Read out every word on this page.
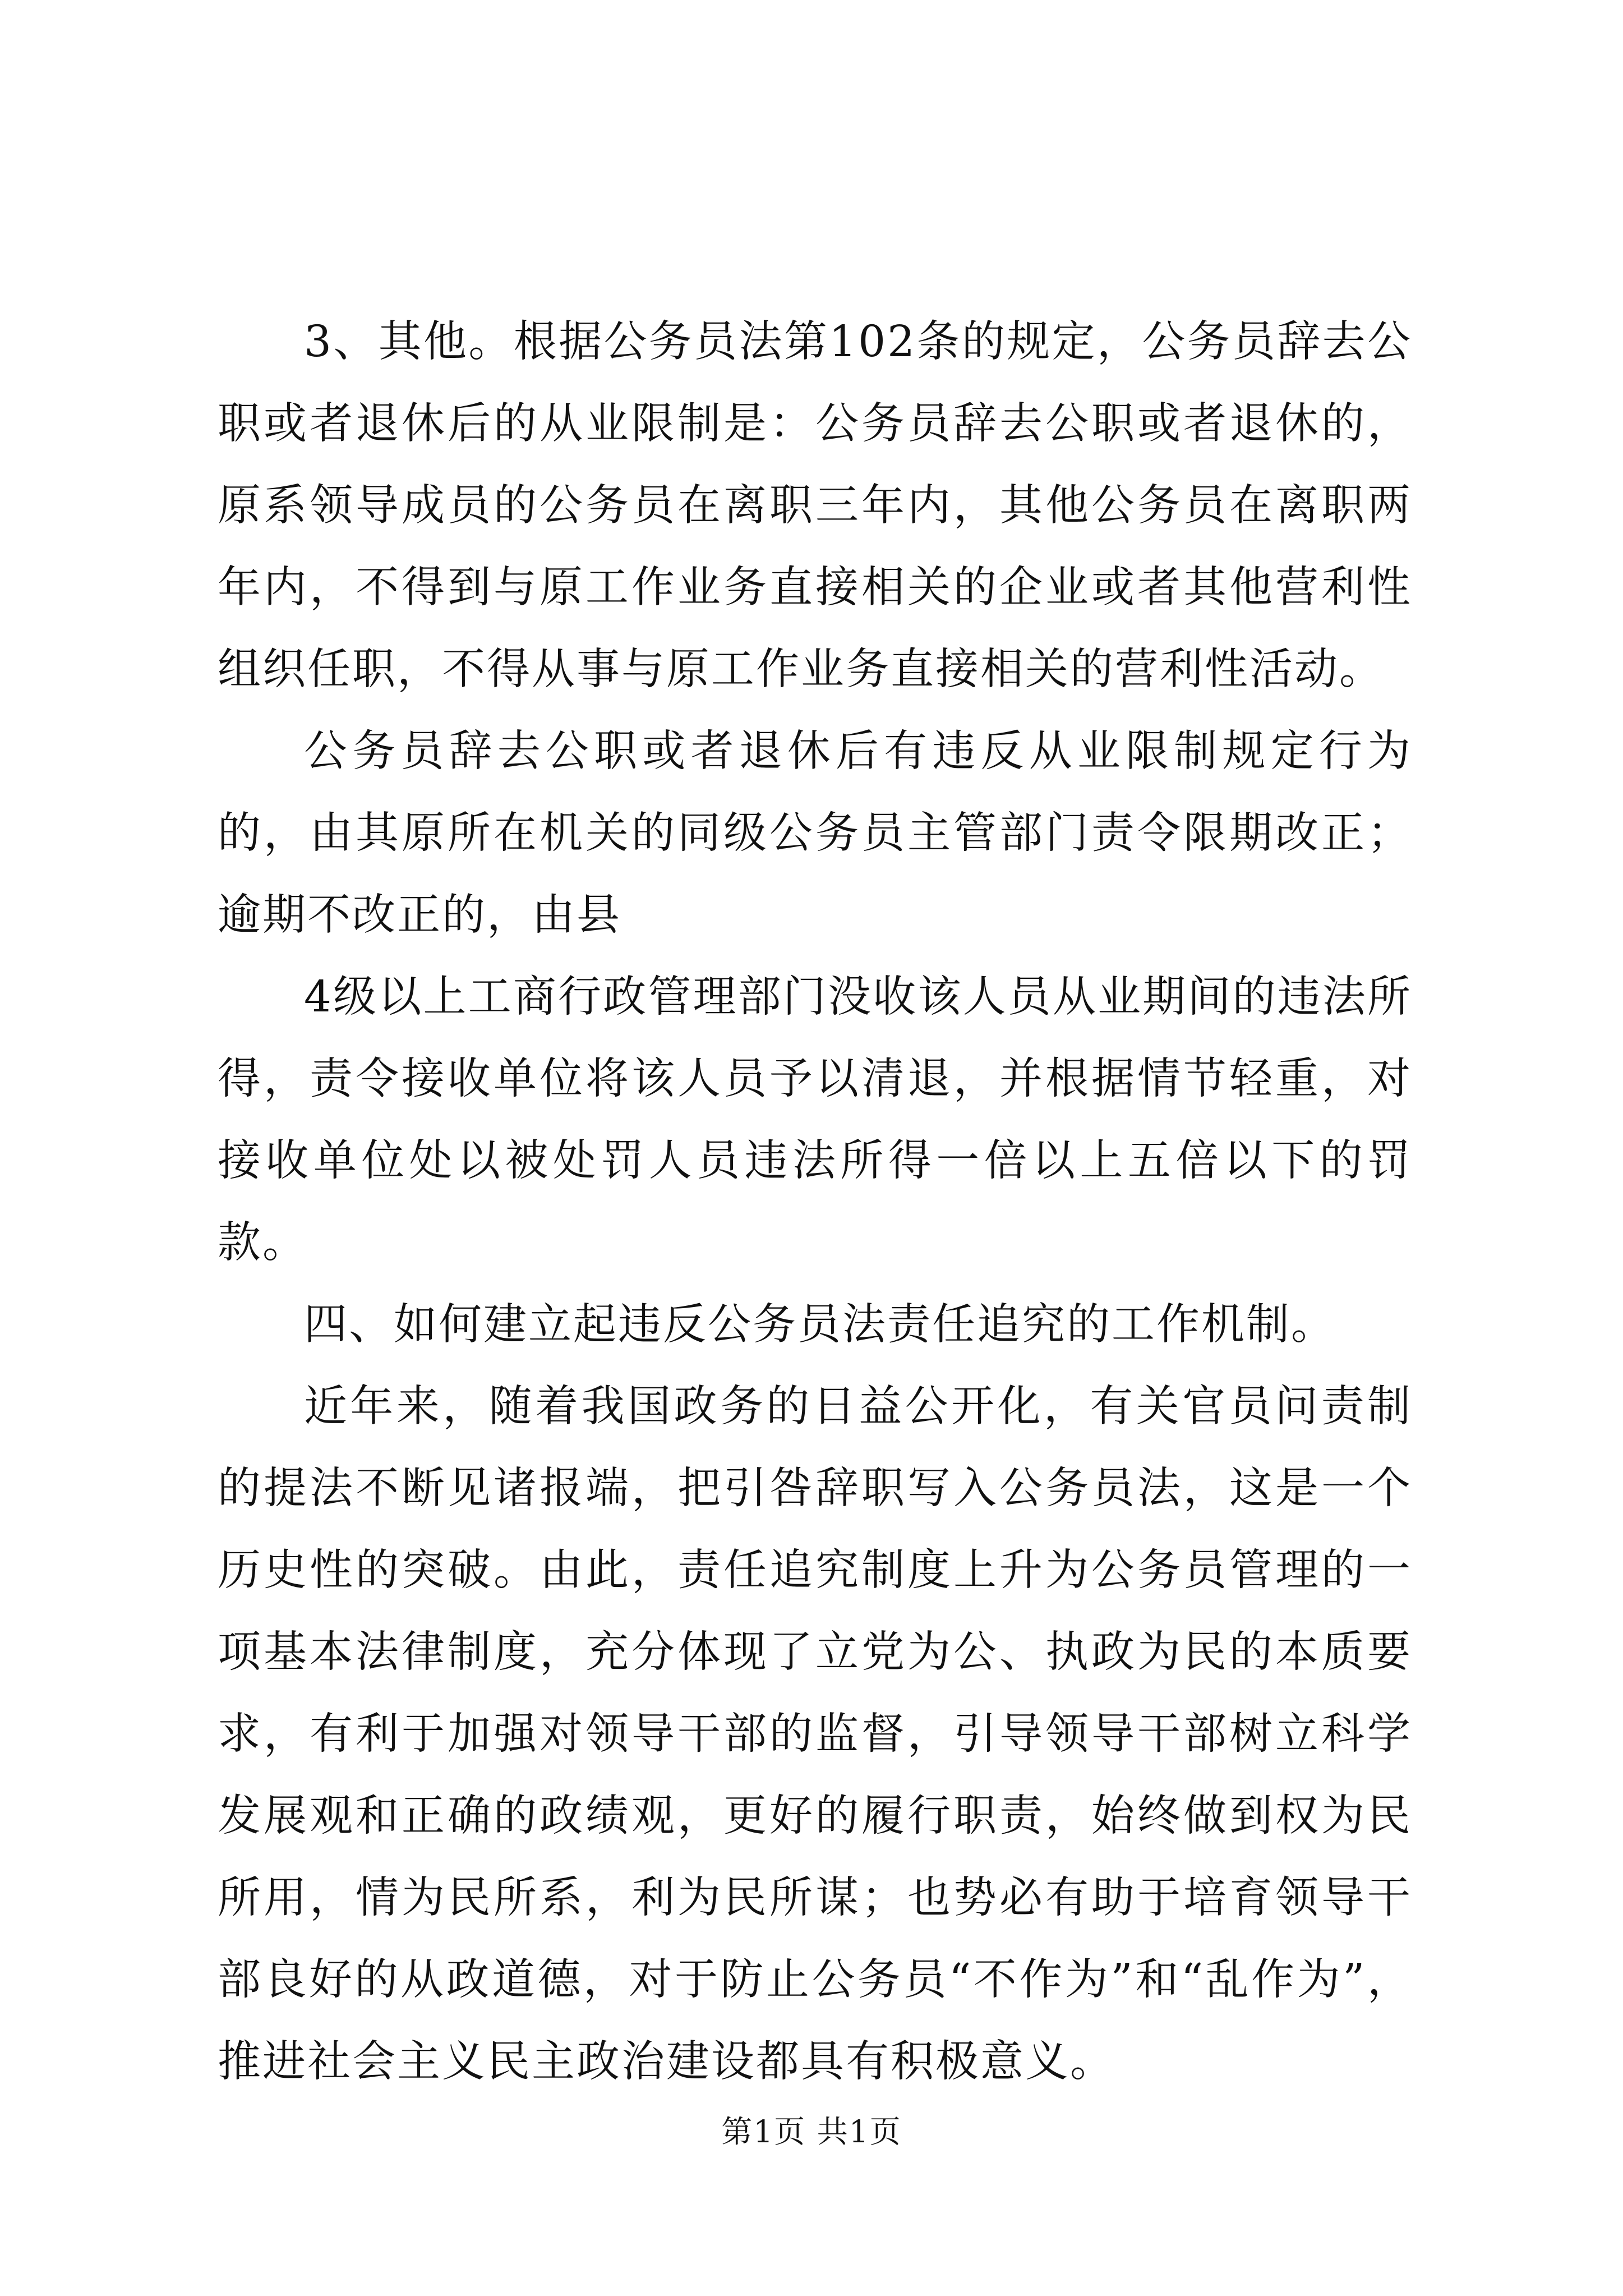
3、其他。根据公务员法第102条的规定，公务员辞去公职或者退休后的从业限制是：公务员辞去公职或者退休的，原系领导成员的公务员在离职三年内，其他公务员在离职两年内，不得到与原工作业务直接相关的企业或者其他营利性组织任职，不得从事与原工作业务直接相关的营利性活动。

公务员辞去公职或者退休后有违反从业限制规定行为的，由其原所在机关的同级公务员主管部门责令限期改正；逾期不改正的，由县

4级以上工商行政管理部门没收该人员从业期间的违法所得，责令接收单位将该人员予以清退，并根据情节轻重，对接收单位处以被处罚人员违法所得一倍以上五倍以下的罚款。

四、如何建立起违反公务员法责任追究的工作机制。

近年来，随着我国政务的日益公开化，有关官员问责制的提法不断见诸报端，把引咎辞职写入公务员法，这是一个历史性的突破。由此，责任追究制度上升为公务员管理的一项基本法律制度，充分体现了立党为公、执政为民的本质要求，有利于加强对领导干部的监督，引导领导干部树立科学发展观和正确的政绩观，更好的履行职责，始终做到权为民所用，情为民所系，利为民所谋；也势必有助于培育领导干部良好的从政道德，对于防止公务员“不作为”和“乱作为”，推进社会主义民主政治建设都具有积极意义。

第1页 共1页
